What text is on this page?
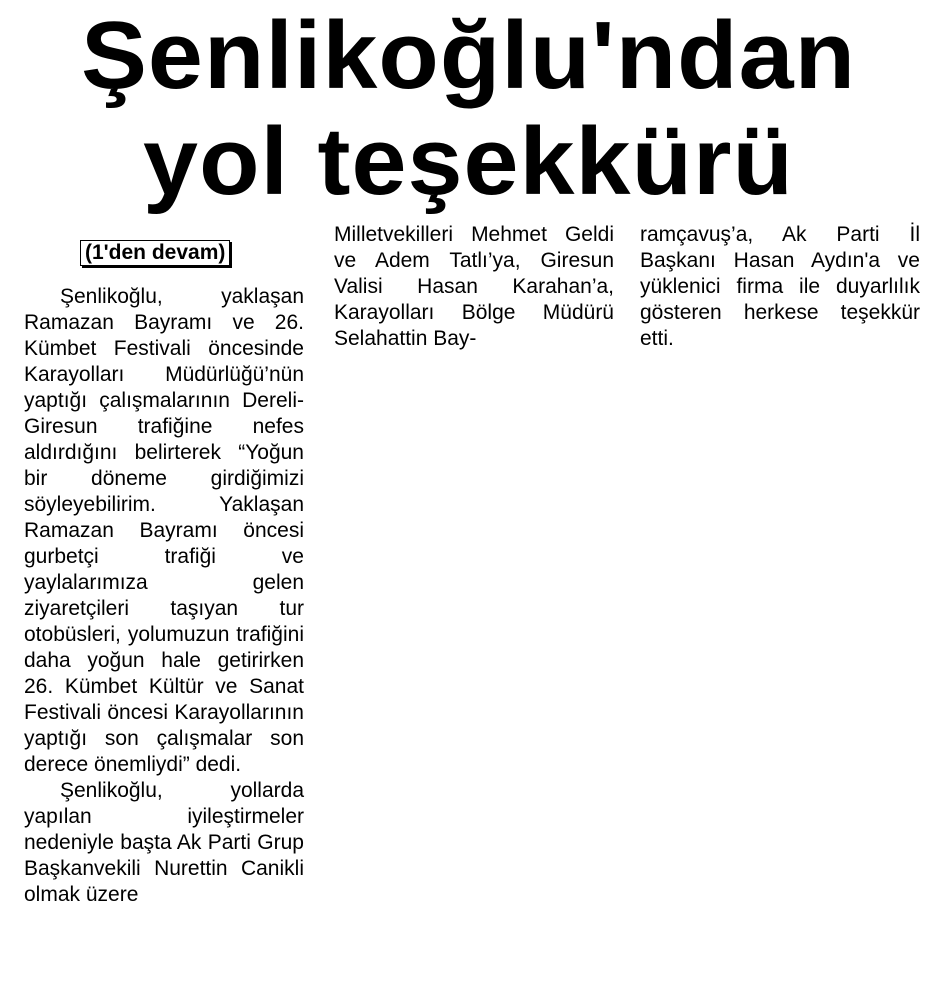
Şenlikoğlu'ndan
yol teşekkürü
(1'den devam)

Şenlikoğlu, yaklaşan Ramazan Bayramı ve 26. Kümbet Festivali öncesinde Karayolları Müdürlüğü’nün yaptığı çalışmalarının Dereli-Giresun trafiğine nefes aldırdığını belirterek “Yoğun bir döneme girdiğimizi söyleyebilirim. Yaklaşan Ramazan Bayramı öncesi gurbetçi trafiği ve yaylalarımıza gelen ziyaretçileri taşıyan tur otobüsleri, yolumuzun trafiğini daha yoğun hale getirirken 26. Kümbet Kültür ve Sanat Festivali öncesi Karayollarının yaptığı son çalışmalar son derece önemliydi” dedi.

Şenlikoğlu, yollarda yapılan iyileştirmeler nedeniyle başta Ak Parti Grup Başkanvekili Nurettin Canikli olmak üzere

Milletvekilleri Mehmet Geldi ve Adem Tatlı’ya, Giresun Valisi Hasan Karahan’a, Karayolları Bölge Müdürü Selahattin Bay-

ramçavuş’a, Ak Parti İl Başkanı Hasan Aydın'a ve yüklenici firma ile duyarlılık gösteren herkese teşekkür etti.
